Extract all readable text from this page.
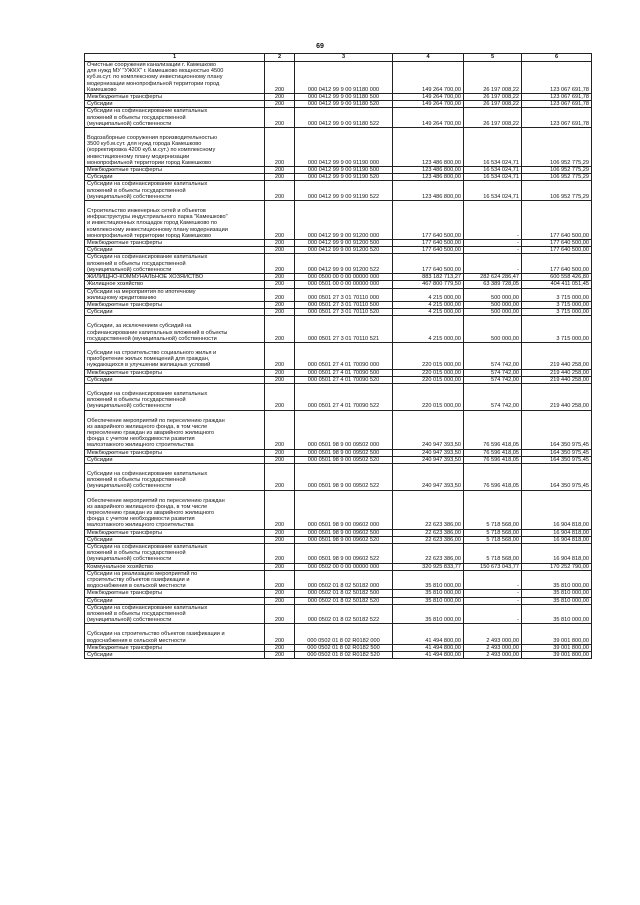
69
1	2	3	4	5	6
Очистные сооружения канализации г. Камешково
для нужд МУ "УЖКХ" г. Камешково мощностью 4500
куб.м.сут. по комплексному инвестиционному плану
модернизации монопрофильной территории город
Камешково	200	000 0412 99 9 00 91180 000	149 264 700,00	26 197 008,22	123 067 691,78
Межбюджетные трансферты	200	000 0412 99 9 00 91180 500	149 264 700,00	26 197 008,22	123 067 691,78
Субсидии	200	000 0412 99 9 00 91180 520	149 264 700,00	26 197 008,22	123 067 691,78
Субсидии на софинансирование капитальных
вложений в объекты государственной
(муниципальной) собственности	200	000 0412 99 9 00 91180 522	149 264 700,00	26 197 008,22	123 067 691,78
Водозаборные сооружения производительностью
3500 куб.м.сут. для нужд города Камешково
(корректировка 4200 куб.м.сут.) по комплексному
инвестиционному плану модернизации
монопрофильной территории город Камешково	200	000 0412 99 9 00 91190 000	123 486 800,00	16 534 024,71	106 952 775,29
Межбюджетные трансферты	200	000 0412 99 9 00 91190 500	123 486 800,00	16 534 024,71	106 952 775,29
Субсидии	200	000 0412 99 9 00 91190 520	123 486 800,00	16 534 024,71	106 952 775,29
Субсидии на софинансирование капитальных
вложений в объекты государственной
(муниципальной) собственности	200	000 0412 99 9 00 91190 522	123 486 800,00	16 534 024,71	106 952 775,29
Строительство инженерных сетей и объектов
инфраструктуры индустриального парка "Камешково"
и инвестиционных площадок город Камешково по
комплексному инвестиционному плану модернизации
монопрофильной территории город Камешково	200	000 0412 99 9 00 91200 000	177 640 500,00	-	177 640 500,00
Межбюджетные трансферты	200	000 0412 99 9 00 91200 500	177 640 500,00	-	177 640 500,00
Субсидии	200	000 0412 99 9 00 91200 520	177 640 500,00	-	177 640 500,00
Субсидии на софинансирование капитальных
вложений в объекты государственной
(муниципальной) собственности	200	000 0412 99 9 00 91200 522	177 640 500,00	-	177 640 500,00
ЖИЛИЩНО-КОММУНАЛЬНОЕ ХОЗЯЙСТВО	200	000 0500 00 0 00 00000 000	883 182 713,27	282 624 286,47	600 558 426,80
Жилищное хозяйство	200	000 0501 00 0 00 00000 000	467 800 779,50	63 389 728,05	404 411 051,45
Субсидии на мероприятия по ипотечному
жилищному кредитованию	200	000 0501 27 3 01 70110 000	4 215 000,00	500 000,00	3 715 000,00
Межбюджетные трансферты	200	000 0501 27 3 01 70110 500	4 215 000,00	500 000,00	3 715 000,00
Субсидии	200	000 0501 27 3 01 70110 520	4 215 000,00	500 000,00	3 715 000,00
Субсидии, за исключением субсидий на
софинансирование капитальных вложений в объекты
государственной (муниципальной) собственности	200	000 0501 27 3 01 70110 521	4 215 000,00	500 000,00	3 715 000,00
Субсидии на строительство социального жилья и
приобретение жилых помещений для граждан,
нуждающихся в улучшении жилищных условий	200	000 0501 27 4 01 70090 000	220 015 000,00	574 742,00	219 440 258,00
Межбюджетные трансферты	200	000 0501 27 4 01 70090 500	220 015 000,00	574 742,00	219 440 258,00
Субсидии	200	000 0501 27 4 01 70090 520	220 015 000,00	574 742,00	219 440 258,00
Субсидии на софинансирование капитальных
вложений в объекты государственной
(муниципальной) собственности	200	000 0501 27 4 01 70090 522	220 015 000,00	574 742,00	219 440 258,00
Обеспечение мероприятий по переселению граждан
из аварийного жилищного фонда, в том числе
переселению граждан из аварийного жилищного
фонда с учетом необходимости развития
малоэтажного жилищного строительства	200	000 0501 98 9 00 09502 000	240 947 393,50	76 596 418,05	164 350 975,45
Межбюджетные трансферты	200	000 0501 98 9 00 09502 500	240 947 393,50	76 596 418,05	164 350 975,45
Субсидии	200	000 0501 98 9 00 09502 520	240 947 393,50	76 596 418,05	164 350 975,45
Субсидии на софинансирование капитальных
вложений в объекты государственной
(муниципальной) собственности	200	000 0501 98 9 00 09502 522	240 947 393,50	76 596 418,05	164 350 975,45
Обеспечение мероприятий по переселению граждан
из аварийного жилищного фонда, в том числе
переселению граждан из аварийного жилищного
фонда с учетом необходимости развития
малоэтажного жилищного строительства	200	000 0501 98 9 00 09602 000	22 623 386,00	5 718 568,00	16 904 818,00
Межбюджетные трансферты	200	000 0501 98 9 00 09602 500	22 623 386,00	5 718 568,00	16 904 818,00
Субсидии	200	000 0501 98 9 00 09602 520	22 623 386,00	5 718 568,00	16 904 818,00
Субсидии на софинансирование капитальных
вложений в объекты государственной
(муниципальной) собственности	200	000 0501 98 9 00 09602 522	22 623 386,00	5 718 568,00	16 904 818,00
Коммунальное хозяйство	200	000 0502 00 0 00 00000 000	320 925 833,77	150 673 043,77	170 252 790,00
Субсидии на реализацию мероприятий по
строительству объектов газификации и
водоснабжения в сельской местности	200	000 0502 01 8 02 50182 000	35 810 000,00	-	35 810 000,00
Межбюджетные трансферты	200	000 0502 01 8 02 50182 500	35 810 000,00	-	35 810 000,00
Субсидии	200	000 0502 01 8 02 50182 520	35 810 000,00	-	35 810 000,00
Субсидии на софинансирование капитальных
вложений в объекты государственной
(муниципальной) собственности	200	000 0502 01 8 02 50182 522	35 810 000,00	-	35 810 000,00
Субсидии на строительство объектов газификации и
водоснабжения в сельской местности	200	000 0502 01 8 02 R0182 000	41 494 800,00	2 493 000,00	39 001 800,00
Межбюджетные трансферты	200	000 0502 01 8 02 R0182 500	41 494 800,00	2 493 000,00	39 001 800,00
Субсидии	200	000 0502 01 8 02 R0182 520	41 494 800,00	2 493 000,00	39 001 800,00
